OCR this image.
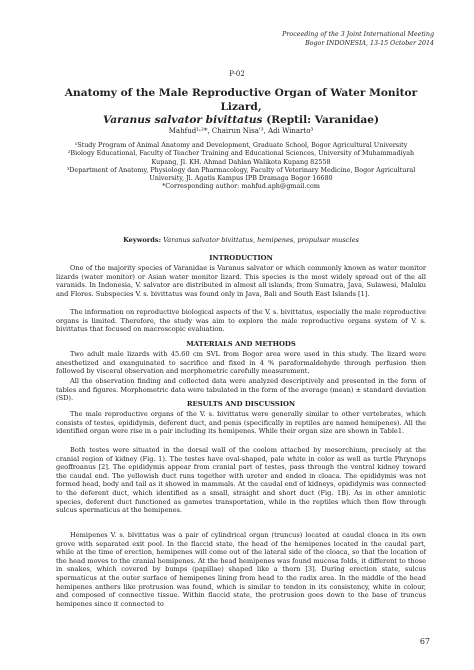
Proceeding of the 3 Joint International Meeting
Bogor INDONESIA, 13-15 October 2014
P-02
Anatomy of the Male Reproductive Organ of Water Monitor Lizard,
Varanus salvator bivittatus (Reptil: Varanidae)
Mahfud¹˒²*, Chairun Nisa'³, Adi Winarto³
¹Study Program of Animal Anatomy and Development, Graduate School, Bogor Agricultural University
²Biology Educational, Faculty of Teacher Training and Educational Sciences, University of Muhammadiyah
Kupang, Jl. KH. Ahmad Dahlan Walikota Kupang 82558
³Department of Anatomy, Physiology dan Pharmacology, Faculty of Veterinary Medicine, Bogor Agricultural
University, Jl. Agatis Kampus IPB Dramaga Bogor 16680
*Corresponding author: mahfud.aph@gmail.com
Keywords: Varanus salvator bivittatus, hemipenes, propulsar muscles
INTRODUCTION
One of the majority species of Varanidae is Varanus salvator or which commonly known as water monitor lizards (water monitor) or Asian water monitor lizard. This species is the most widely spread out of the all varanids. In Indonesia, V. salvator are distributed in almost all islands, from Sumatra, Java, Sulawesi, Maluku and Flores. Subspecies V. s. bivittatus was found only in Java, Bali and South East Islands [1].
The information on reproductive biological aspects of the V. s. bivittatus, especially the male reproductive organs is limited. Therefore, the study was aim to explore the male reproductive organs system of V. s. bivittatus that focused on macroscopic evaluation.
MATERIALS AND METHODS
Two adult male lizards with 45.60 cm SVL from Bogor area were used in this study. The lizard were anesthetized and exanguinated to sacrifice and fixed in 4 % paraformaldehyde through perfusion then followed by visceral observation and morphometric carefully measurement.
All the observation finding and collected data were analyzed descriptively and presented in the form of tables and figures. Morphometric data were tabulated in the form of the average (mean) ± standard deviation (SD).
RESULTS AND DISCUSSION
The male reproductive organs of the V. s. bivittatus were generally similar to other vertebrates, which consists of testes, epididymis, deferent duct, and penis (specifically in reptiles are named hemipenes). All the identified organ were rise in a pair including its hemipenes. While their organ size are shown in Table1.
Both testes were situated in the dorsal wall of the coelom attached by mesorchium, precisely at the cranial region of kidney (Fig. 1). The testes have oval-shaped, pale white in color as well as turtle Phrynops geoffroanus [2]. The epididymis appear from cranial part of testes, pass through the ventral kidney toward the caudal end. The yellowish duct runs together with ureter and ended in cloaca. The epididymis was not formed head, body and tail as it showed in mammals. At the caudal end of kidneys, epididymis was connected to the deferent duct, which identified as a small, straight and short duct (Fig. 1B). As in other amniotic species, deferent duct functioned as gametes transportation, while in the reptiles which then flow through sulcus spermaticus at the hemipenes.
Hemipenes V. s. bivittatus was a pair of cylindrical organ (truncus) located at caudal cloaca in its own grove with separated exit pool. In the flaccid state, the head of the hemipenes located in the caudal part, while at the time of erection, hemipenes will come out of the lateral side of the cloaca, so that the location of the head moves to the cranial hemipenes. At the head hemipenes was found mucosa folds, it different to those in snakes, which covered by bumps (papillae) shaped like a thorn [3]. During erection state, sulcus spermaticus at the outer surface of hemipenes lining from head to the radix area. In the middle of the head hemipenes anthers like protrusion was found, which is similar to tendon in its consistency, white in colour, and composed of connective tissue. Within flaccid state, the protrusion goes down to the base of truncus hemipenes since it connected to
67
